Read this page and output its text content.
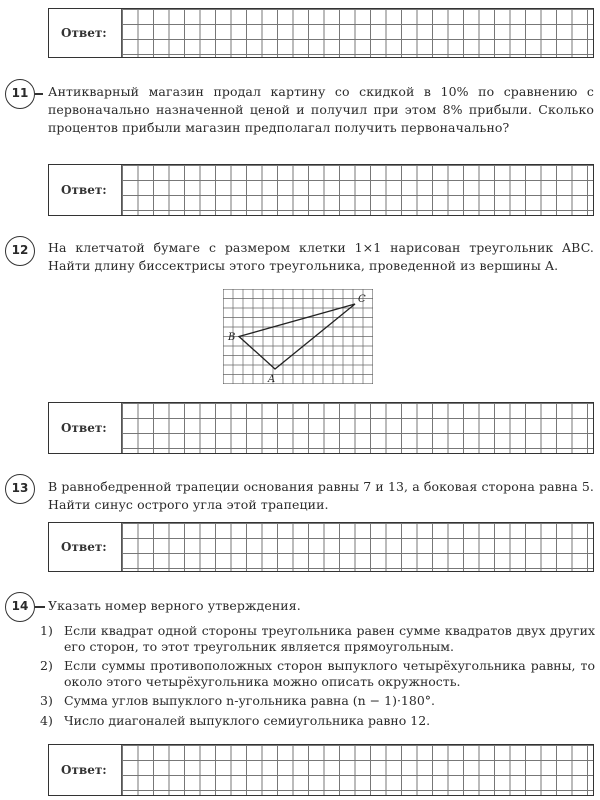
Ответ:
11	Антикварный магазин продал картину со скидкой в 10% по сравнению с первоначально назначенной ценой и получил при этом 8% прибыли. Сколько процентов прибыли магазин предполагал получить первоначально?
Ответ:
12	На клетчатой бумаге с размером клетки 1×1 нарисован треугольник ABC. Найти длину биссектрисы этого треугольника, проведенной из вершины A.
B
C
A
Ответ:
13	В равнобедренной трапеции основания равны 7 и 13, а боковая сторона равна 5. Найти синус острого угла этой трапеции.
Ответ:
14	Указать номер верного утверждения.
1) Если квадрат одной стороны треугольника равен сумме квадратов двух других его сторон, то этот треугольник является прямоугольным.
2) Если суммы противоположных сторон выпуклого четырёхугольника равны, то около этого четырёхугольника можно описать окружность.
3) Сумма углов выпуклого n-угольника равна (n − 1)·180°.
4) Число диагоналей выпуклого семиугольника равно 12.
Ответ:
